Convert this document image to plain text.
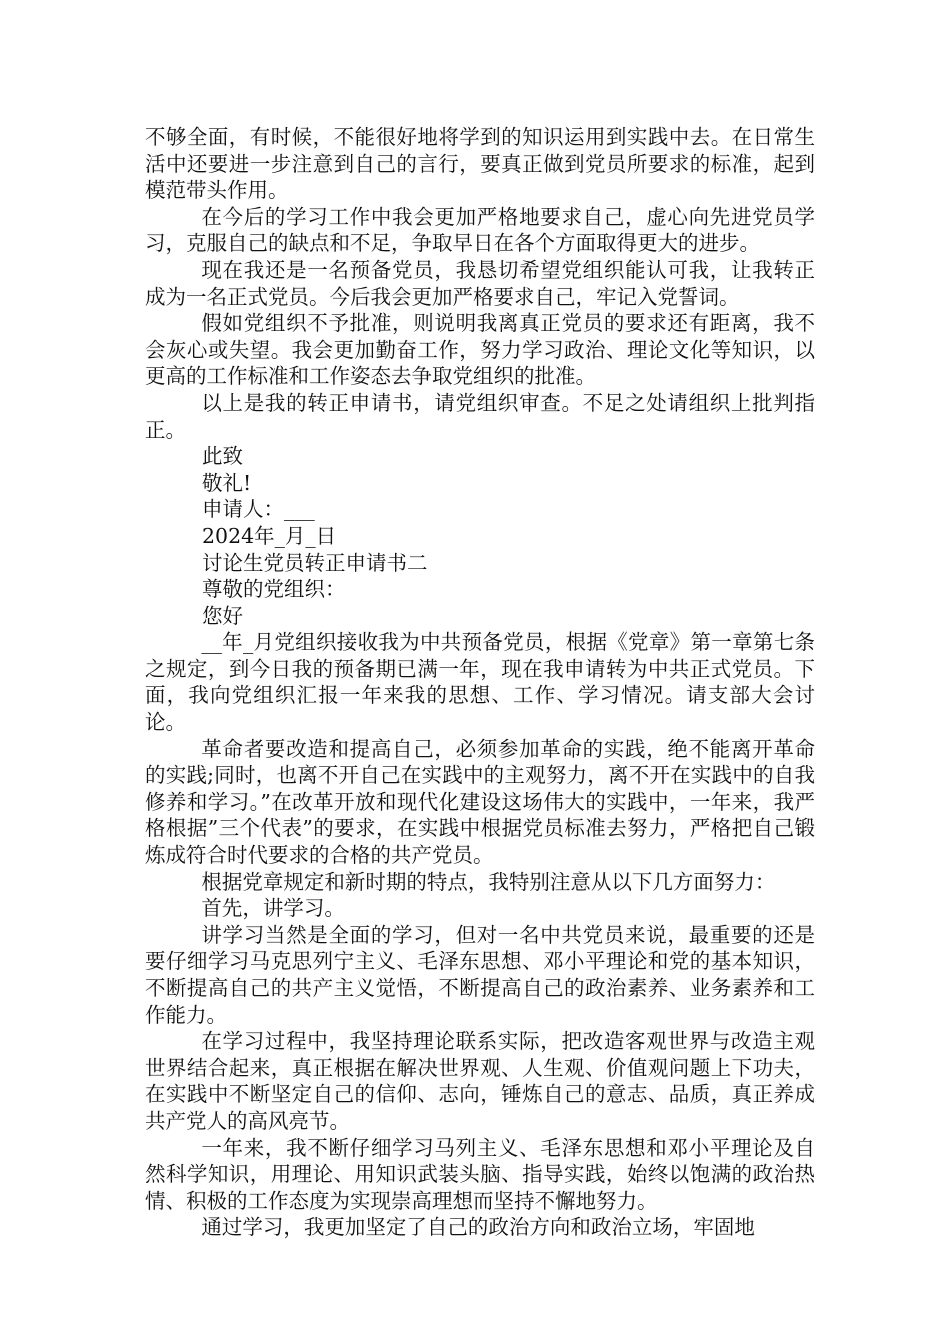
不够全面，有时候，不能很好地将学到的知识运用到实践中去。在日常生活中还要进一步注意到自己的言行，要真正做到党员所要求的标准，起到模范带头作用。

在今后的学习工作中我会更加严格地要求自己，虚心向先进党员学习，克服自己的缺点和不足，争取早日在各个方面取得更大的进步。

现在我还是一名预备党员，我恳切希望党组织能认可我，让我转正成为一名正式党员。今后我会更加严格要求自己，牢记入党誓词。

假如党组织不予批准，则说明我离真正党员的要求还有距离，我不会灰心或失望。我会更加勤奋工作，努力学习政治、理论文化等知识，以更高的工作标准和工作姿态去争取党组织的批准。

以上是我的转正申请书，请党组织审查。不足之处请组织上批判指正。

此致

敬礼!

申请人：___

2024年_月_日

讨论生党员转正申请书二

尊敬的党组织：

您好

__年_月党组织接收我为中共预备党员，根据《党章》第一章第七条之规定，到今日我的预备期已满一年，现在我申请转为中共正式党员。下面，我向党组织汇报一年来我的思想、工作、学习情况。请支部大会讨论。

革命者要改造和提高自己，必须参加革命的实践，绝不能离开革命的实践;同时，也离不开自己在实践中的主观努力，离不开在实践中的自我修养和学习。”在改革开放和现代化建设这场伟大的实践中，一年来，我严格根据”三个代表”的要求，在实践中根据党员标准去努力，严格把自己锻炼成符合时代要求的合格的共产党员。

根据党章规定和新时期的特点，我特别注意从以下几方面努力：

首先，讲学习。

讲学习当然是全面的学习，但对一名中共党员来说，最重要的还是要仔细学习马克思列宁主义、毛泽东思想、邓小平理论和党的基本知识，不断提高自己的共产主义觉悟，不断提高自己的政治素养、业务素养和工作能力。

在学习过程中，我坚持理论联系实际，把改造客观世界与改造主观世界结合起来，真正根据在解决世界观、人生观、价值观问题上下功夫，在实践中不断坚定自己的信仰、志向，锤炼自己的意志、品质，真正养成共产党人的高风亮节。

一年来，我不断仔细学习马列主义、毛泽东思想和邓小平理论及自然科学知识，用理论、用知识武装头脑、指导实践，始终以饱满的政治热情、积极的工作态度为实现崇高理想而坚持不懈地努力。

通过学习，我更加坚定了自己的政治方向和政治立场，牢固地
